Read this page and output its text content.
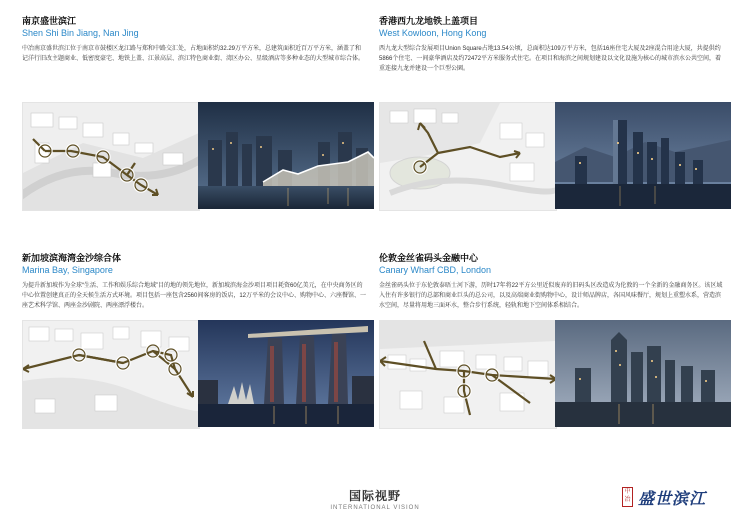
南京盛世滨江

Shen Shi Bin Jiang, Nan Jing

中冶南京盛世滨江位于南京市鼓楼区龙江路与郑和中路交汇处，占地面积约32.29万平方米，总建筑面积近百万平方米，涵盖了和记洋行旧改主题商业、低密度豪宅、地铁上盖、江景高层、滨江特色商业街、湾区办公、星级酒店等多种业态的大型城市综合体。

香港西九龙地铁上盖项目

West Kowloon, Hong Kong

西九龙大型综合发展项目Union Square占地13.54公顷，总面积达109万平方米，包括16座住宅大厦及2座混合用途大厦，共提供约5866个住宅、一间豪华酒店及约72472平方米服务式住宅。在项目和海滨之间规划建设以文化设施为核心的城市滨水公共空间，着重连接九龙并建设一个巨型公園。

新加坡滨海湾金沙综合体

Marina Bay, Singapore

为提升新加坡作为全球“生活、工作和娱乐综合地域”目的地的领先地位，新加坡滨海金沙项目项目耗资60亿美元，在中央商务区的中心位置创建真正的全天候生活方式环境。项目包括一座包含2560间客房的饭店，12万平米的会议中心、购物中心、六座餐馆、一座艺术科学馆、两座金沙剧院、两座漂浮楼台。

伦敦金丝雀码头金融中心

Canary Wharf CBD, London

金丝雀码头位于东伦敦泰晤士河下游，历时17年将22平方公里近似废弃的旧码头区改造成为伦敦的一个全新的金融商务区。该区域入住有许多银行的总部和商业巨头的总公司，以及高端商业街购物中心，设计师品牌店，各国风味餐厅，规划上重塑水系，营造滨水空间，尽量将用地三面环水，整合步行系统，轻轨和地下空间体系相结合。

国际视野
INTERNATIONAL VISION
中冶 盛世滨江
